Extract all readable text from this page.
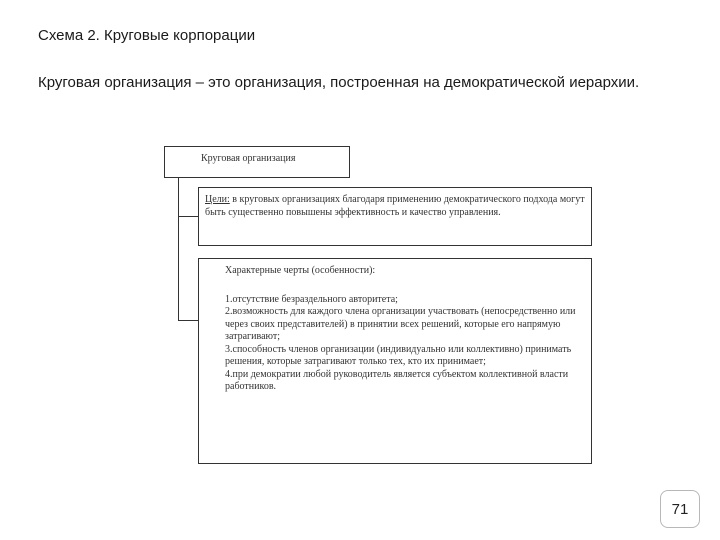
Схема 2. Круговые корпорации
Круговая организация – это организация, построенная на демократической иерархии.
Круговая организация
Цели: в круговых организациях благодаря применению демократического подхода могут быть существенно повышены эффективность и качество управления.
Характерные черты (особенности):
1.отсутствие безраздельного авторитета;
2.возможность для каждого члена организации участвовать (непосредственно или через своих представителей) в принятии всех решений, которые его напрямую затрагивают;
3.способность членов организации (индивидуально или коллективно) принимать решения, которые затрагивают только тех, кто их принимает;
4.при демократии любой руководитель является субъектом коллективной власти работников.
71
